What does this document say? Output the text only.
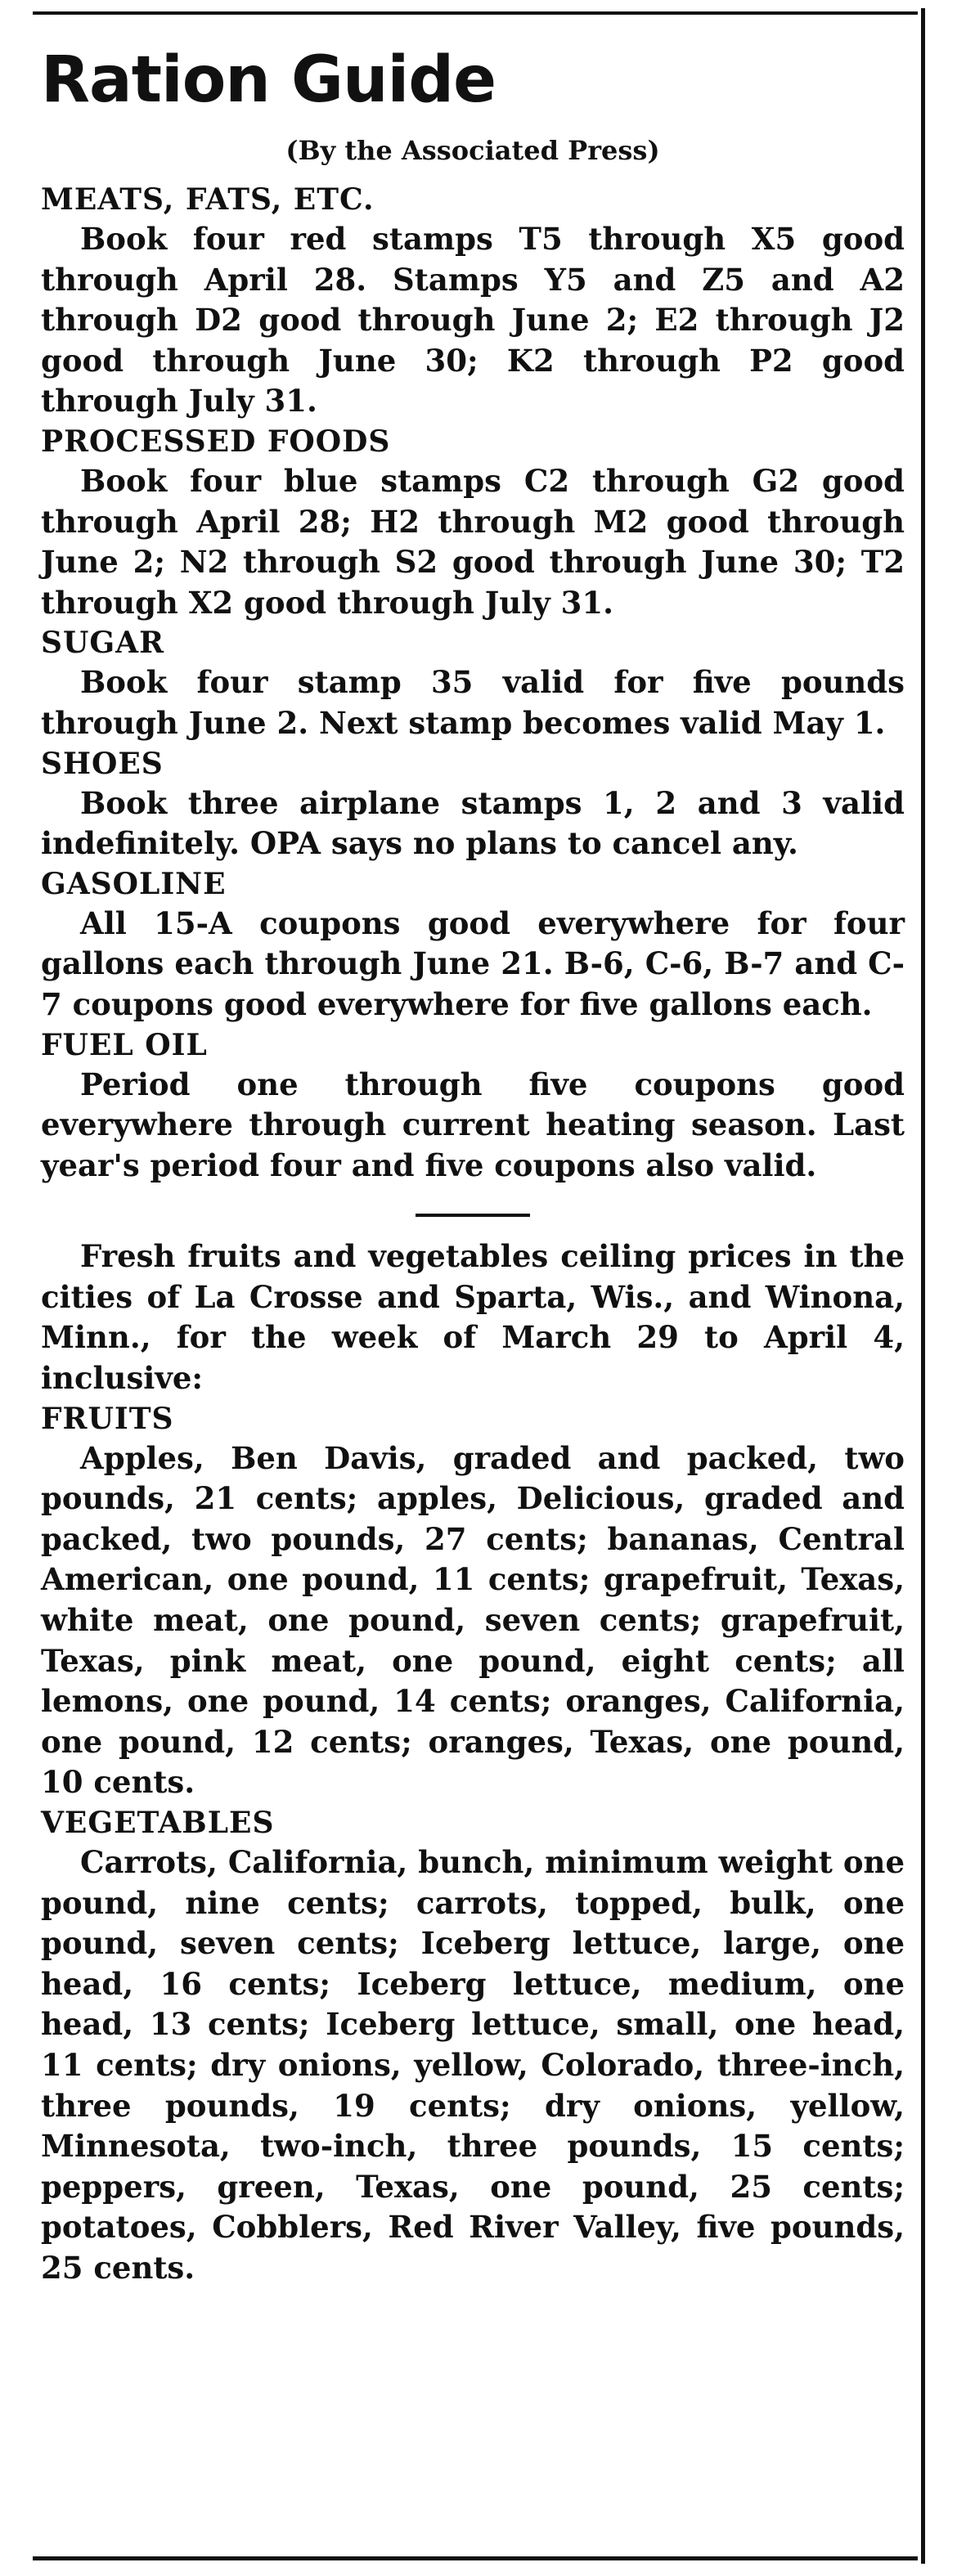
Ration Guide
(By the Associated Press)
MEATS, FATS, ETC.

Book four red stamps T5 through X5 good through April 28. Stamps Y5 and Z5 and A2 through D2 good through June 2; E2 through J2 good through June 30; K2 through P2 good through July 31.

PROCESSED FOODS

Book four blue stamps C2 through G2 good through April 28; H2 through M2 good through June 2; N2 through S2 good through June 30; T2 through X2 good through July 31.

SUGAR

Book four stamp 35 valid for five pounds through June 2. Next stamp becomes valid May 1.

SHOES

Book three airplane stamps 1, 2 and 3 valid indefinitely. OPA says no plans to cancel any.

GASOLINE

All 15-A coupons good everywhere for four gallons each through June 21. B-6, C-6, B-7 and C-7 coupons good everywhere for five gallons each.

FUEL OIL

Period one through five coupons good everywhere through current heating season. Last year's period four and five coupons also valid.

Fresh fruits and vegetables ceiling prices in the cities of La Crosse and Sparta, Wis., and Winona, Minn., for the week of March 29 to April 4, inclusive:

FRUITS

Apples, Ben Davis, graded and packed, two pounds, 21 cents; apples, Delicious, graded and packed, two pounds, 27 cents; bananas, Central American, one pound, 11 cents; grapefruit, Texas, white meat, one pound, seven cents; grapefruit, Texas, pink meat, one pound, eight cents; all lemons, one pound, 14 cents; oranges, California, one pound, 12 cents; oranges, Texas, one pound, 10 cents.

VEGETABLES

Carrots, California, bunch, minimum weight one pound, nine cents; carrots, topped, bulk, one pound, seven cents; Iceberg lettuce, large, one head, 16 cents; Iceberg lettuce, medium, one head, 13 cents; Iceberg lettuce, small, one head, 11 cents; dry onions, yellow, Colorado, three-inch, three pounds, 19 cents; dry onions, yellow, Minnesota, two-inch, three pounds, 15 cents; peppers, green, Texas, one pound, 25 cents; potatoes, Cobblers, Red River Valley, five pounds, 25 cents.
